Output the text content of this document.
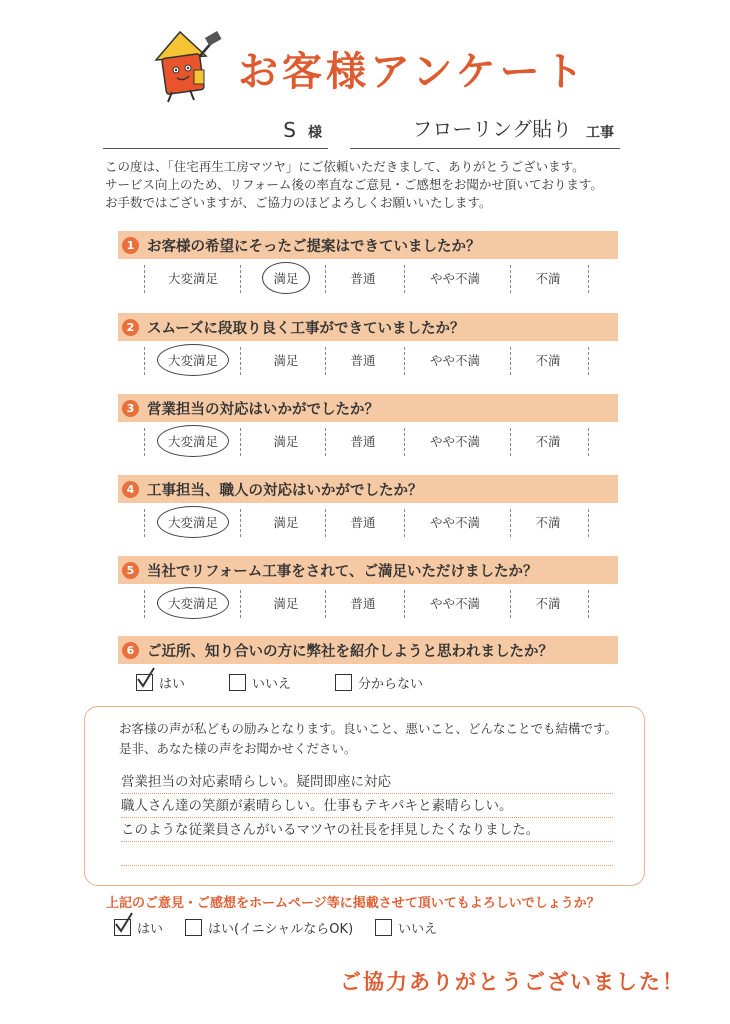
お客様アンケート
S 様	フローリング貼り 工事
この度は、「住宅再生工房マツヤ」にご依頼いただきまして、ありがとうございます。
サービス向上のため、リフォーム後の率直なご意見・ご感想をお聞かせ頂いております。
お手数ではございますが、ご協力のほどよろしくお願いいたします。
1 お客様の希望にそったご提案はできていましたか？
大変満足	満足	普通	やや不満	不満
2 スムーズに段取り良く工事ができていましたか？
大変満足	満足	普通	やや不満	不満
3 営業担当の対応はいかがでしたか？
大変満足	満足	普通	やや不満	不満
4 工事担当、職人の対応はいかがでしたか？
大変満足	満足	普通	やや不満	不満
5 当社でリフォーム工事をされて、ご満足いただけましたか？
大変満足	満足	普通	やや不満	不満
6 ご近所、知り合いの方に弊社を紹介しようと思われましたか？
はい	いいえ	分からない
お客様の声が私どもの励みとなります。良いこと、悪いこと、どんなことでも結構です。
是非、あなた様の声をお聞かせください。
営業担当の対応素晴らしい。疑問即座に対応
職人さん達の笑顔が素晴らしい。仕事もテキパキと素晴らしい。
このような従業員さんがいるマツヤの社長を拝見したくなりました。
上記のご意見・ご感想をホームページ等に掲載させて頂いてもよろしいでしょうか？
はい	はい(イニシャルならOK)	いいえ
ご協力ありがとうございました！
